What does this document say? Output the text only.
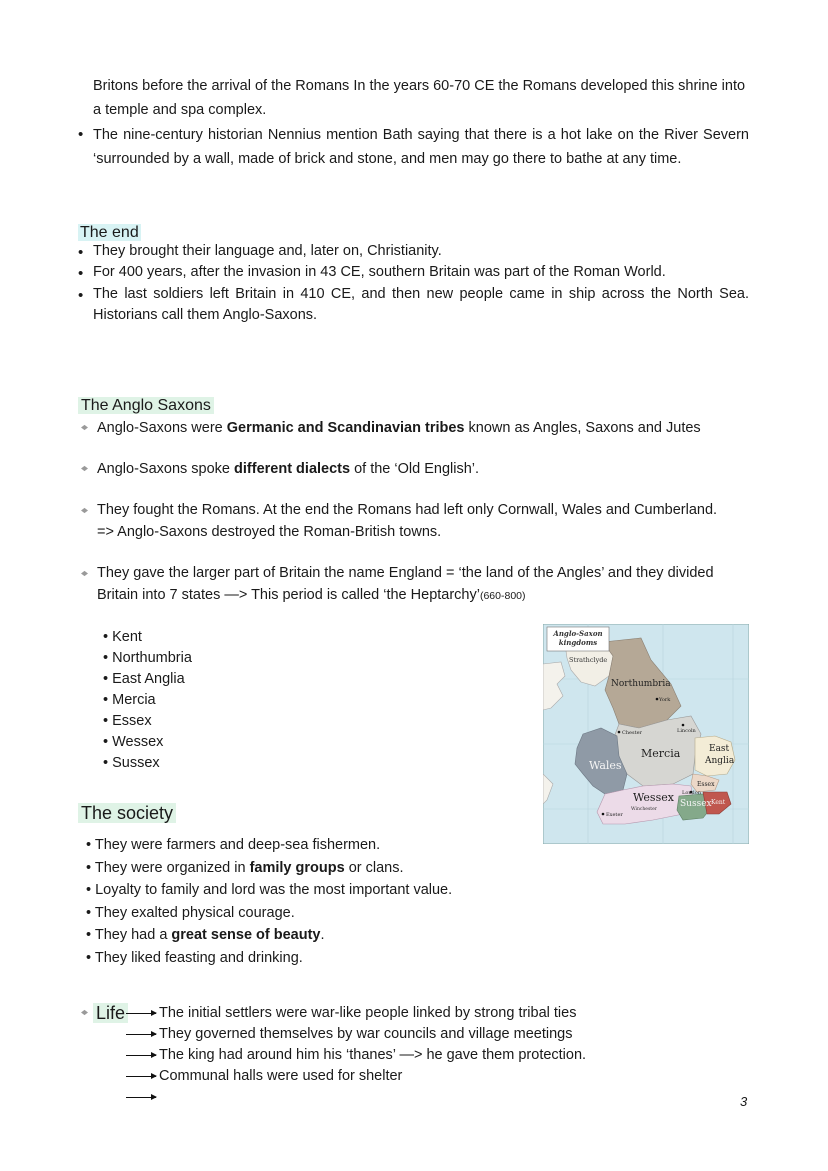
Britons before the arrival of the Romans In the years 60-70 CE the Romans developed this shrine into a temple and spa complex.
• The nine-century historian Nennius mention Bath saying that there is a hot lake on the River Severn ‘surrounded by a wall, made of brick and stone, and men may go there to bathe at any time.
The end
• They brought their language and, later on, Christianity.
• For 400 years, after the invasion in 43 CE, southern Britain was part of the Roman World.
• The last soldiers left Britain in 410 CE, and then new people came in ship across the North Sea. Historians call them Anglo-Saxons.
The Anglo Saxons
Anglo-Saxons were Germanic and Scandinavian tribes known as Angles, Saxons and Jutes
Anglo-Saxons spoke different dialects of the ‘Old English’.
They fought the Romans. At the end the Romans had left only Cornwall, Wales and Cumberland.
=> Anglo-Saxons destroyed the Roman-British towns.
They gave the larger part of Britain the name England = ‘the land of the Angles’ and they divided
Britain into 7 states —> This period is called ‘the Heptarchy’(660-800)
• Kent
• Northumbria
• East Anglia
• Mercia
• Essex
• Wessex
• Sussex
Anglo-Saxon
kingdoms
Strathclyde
Northumbria
York
Chester	Lincoln
Mercia	East
Anglia
Wales
Essex
Wessex
Winchester
London
Sussex Kent
Exeter
The society
• They were farmers and deep-sea fishermen.
• They were organized in family groups or clans.
• Loyalty to family and lord was the most important value.
• They exalted physical courage.
• They had a great sense of beauty.
• They liked feasting and drinking.
Life The initial settlers were war-like people linked by strong tribal ties
They governed themselves by war councils and village meetings
The king had around him his ‘thanes’ —> he gave them protection.
Communal halls were used for shelter
3
